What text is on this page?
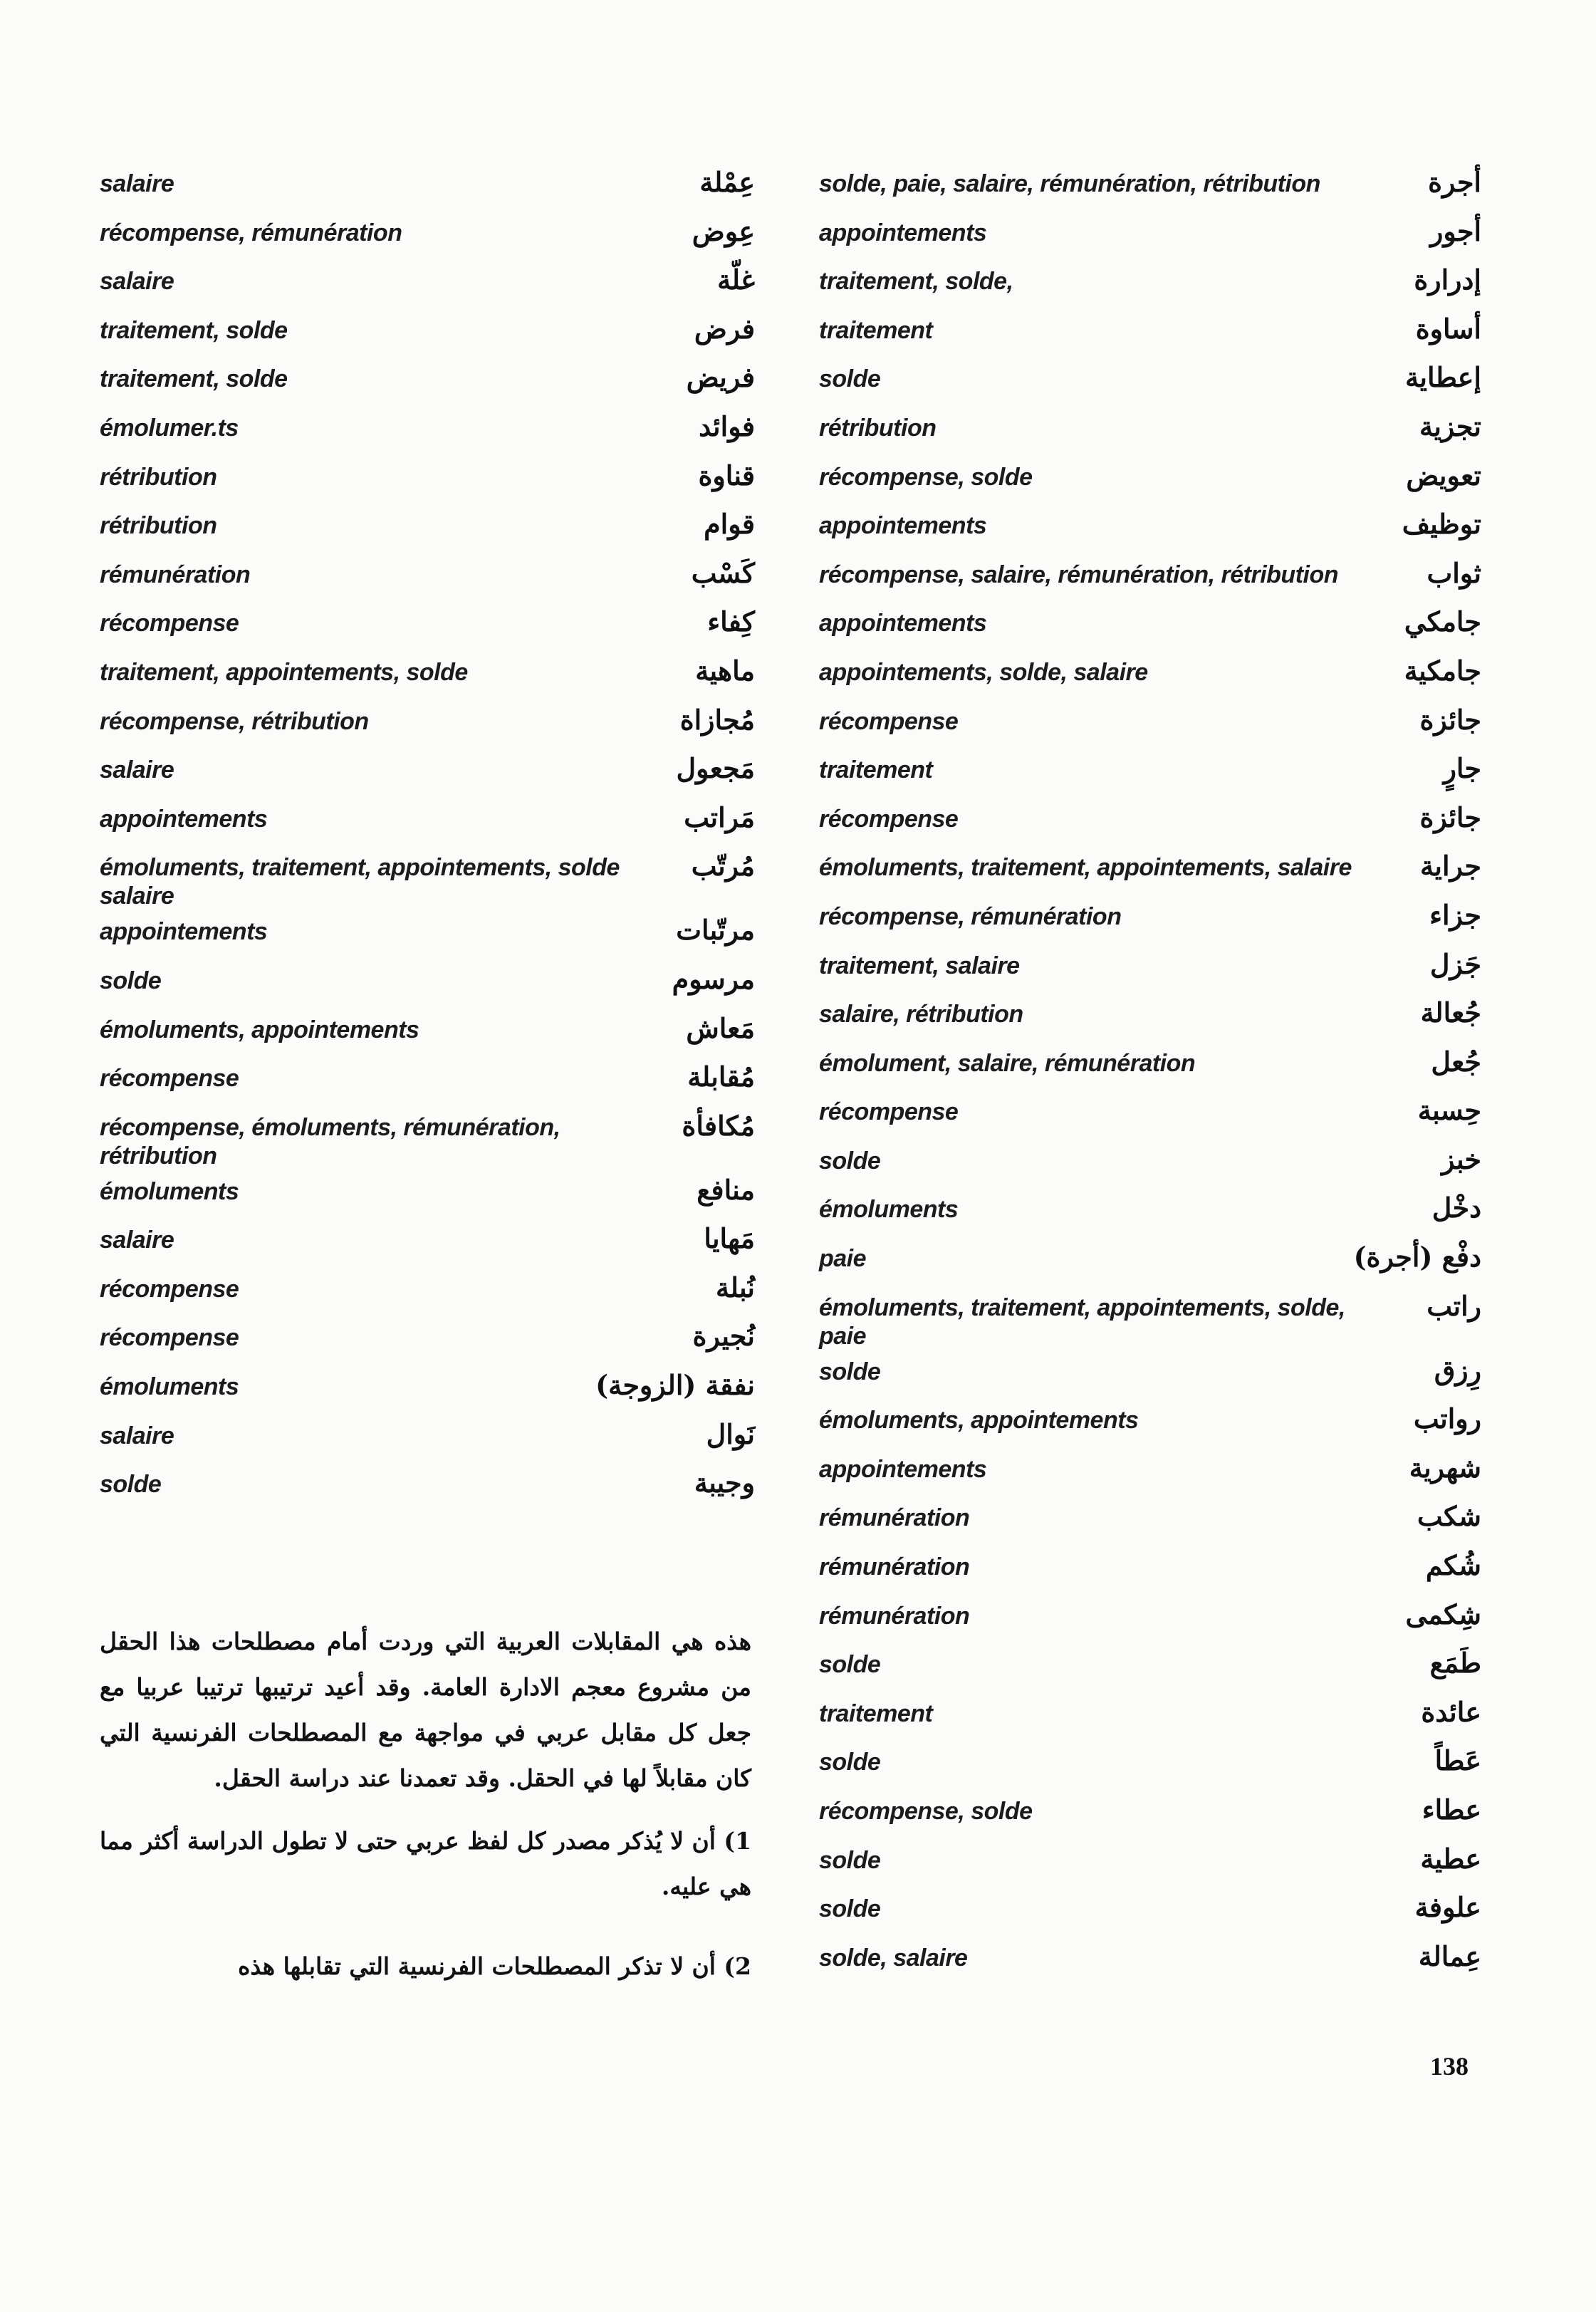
أجرة
solde, paie, salaire, rémunération, rétribution
أجور
appointements
إدرارة
traitement, solde,
أساوة
traitement
إعطاية
solde
تجزية
rétribution
تعويض
récompense, solde
توظيف
appointements
ثواب
récompense, salaire, rémunération, rétribution
جامكي
appointements
جامكية
appointements, solde, salaire
جائزة
récompense
جارٍ
traitement
جائزة
récompense
جراية
émoluments, traitement, appointements, salaire
جزاء
récompense, rémunération
جَزل
traitement, salaire
جُعالة
salaire, rétribution
جُعل
émolument, salaire, rémunération
حِسبة
récompense
خبز
solde
دخْل
émoluments
دفْع (أجرة)
paie
راتب
émoluments, traitement, appointements, solde, paie
رِزق
solde
رواتب
émoluments, appointements
شهرية
appointements
شكب
rémunération
شُكم
rémunération
شِكمى
rémunération
طَمَع
solde
عائدة
traitement
عَطاً
solde
عطاء
récompense, solde
عطية
solde
علوفة
solde
عِمالة
solde, salaire
عِمْلة
salaire
عِوض
récompense, rémunération
غلّة
salaire
فرض
traitement, solde
فريض
traitement, solde
فوائد
émolumer.ts
قناوة
rétribution
قوام
rétribution
كَسْب
rémunération
كِفاء
récompense
ماهية
traitement, appointements, solde
مُجازاة
récompense, rétribution
مَجعول
salaire
مَراتب
appointements
مُرتّب
émoluments, traitement, appointements, solde salaire
مرتّبات
appointements
مرسوم
solde
مَعاش
émoluments, appointements
مُقابلة
récompense
مُكافأة
récompense, émoluments, rémunération, rétribution
منافع
émoluments
مَهايا
salaire
نُبلة
récompense
نُجيرة
récompense
نفقة (الزوجة)
émoluments
نَوال
salaire
وجيبة
solde

هذه هي المقابلات العربية التي وردت أمام مصطلحات هذا الحقل من مشروع معجم الادارة العامة. وقد أعيد ترتيبها ترتيبا عربيا مع جعل كل مقابل عربي في مواجهة مع المصطلحات الفرنسية التي كان مقابلاً لها في الحقل. وقد تعمدنا عند دراسة الحقل.

1) أن لا يُذكر مصدر كل لفظ عربي حتى لا تطول الدراسة أكثر مما هي عليه.

2) أن لا تذكر المصطلحات الفرنسية التي تقابلها هذه

138
